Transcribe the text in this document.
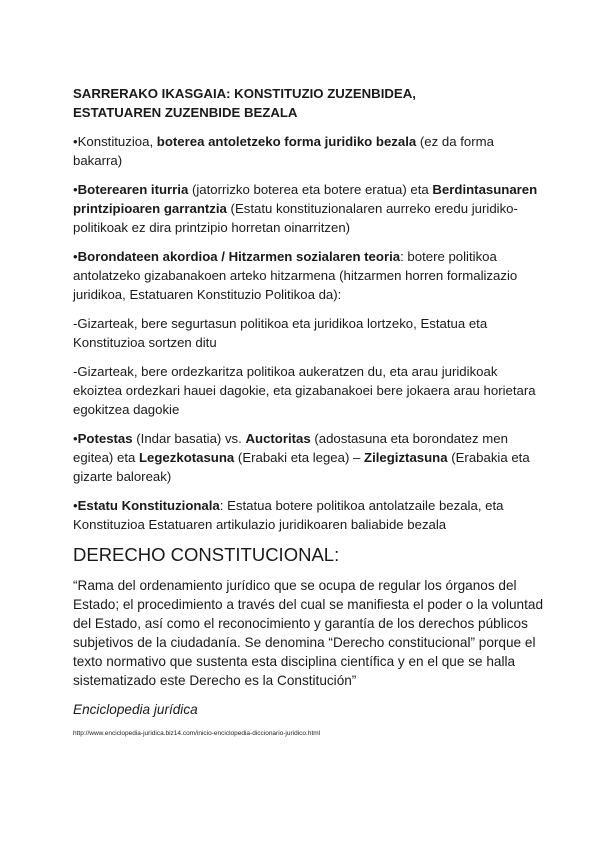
SARRERAKO IKASGAIA: KONSTITUZIO ZUZENBIDEA,
ESTATUAREN ZUZENBIDE BEZALA
•Konstituzioa, boterea antoletzeko forma juridiko bezala (ez da forma bakarra)
•Boterearen iturria (jatorrizko boterea eta botere eratua) eta Berdintasunaren printzipioaren garrantzia (Estatu konstituzionalaren aurreko eredu juridiko-politikoak ez dira printzipio horretan oinarritzen)
•Borondateen akordioa / Hitzarmen sozialaren teoria: botere politikoa antolatzeko gizabanakoen arteko hitzarmena (hitzarmen horren formalizazio juridikoa, Estatuaren Konstituzio Politikoa da):
-Gizarteak, bere segurtasun politikoa eta juridikoa lortzeko, Estatua eta Konstituzioa sortzen ditu
-Gizarteak, bere ordezkaritza politikoa aukeratzen du, eta arau juridikoak ekoiztea ordezkari hauei dagokie, eta gizabanakoei bere jokaera arau horietara egokitzea dagokie
•Potestas (Indar basatia) vs. Auctoritas (adostasuna eta borondatez men egitea) eta Legezkotasuna (Erabaki eta legea) – Zilegiztasuna (Erabakia eta gizarte baloreak)
•Estatu Konstituzionala: Estatua botere politikoa antolatzaile bezala, eta Konstituzioa Estatuaren artikulazio juridikoaren baliabide bezala
DERECHO CONSTITUCIONAL:
“Rama del ordenamiento jurídico que se ocupa de regular los órganos del Estado; el procedimiento a través del cual se manifiesta el poder o la voluntad del Estado, así como el reconocimiento y garantía de los derechos públicos subjetivos de la ciudadanía. Se denomina “Derecho constitucional” porque el texto normativo que sustenta esta disciplina científica y en el que se halla sistematizado este Derecho es la Constitución”
Enciclopedia jurídica
http://www.enciclopedia-juridica.biz14.com/inicio-enciclopedia-diccionario-juridico.html
